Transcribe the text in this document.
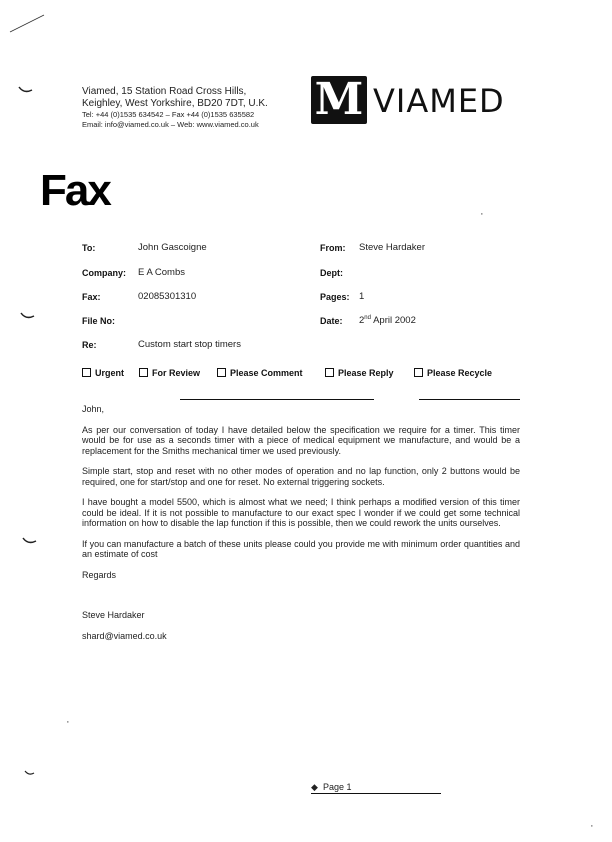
Viamed, 15 Station Road Cross Hills,
Keighley, West Yorkshire, BD20 7DT, U.K.
Tel: +44 (0)1535 634542 – Fax +44 (0)1535 635582
Email: info@viamed.co.uk – Web: www.viamed.co.uk M VIAMED
Fax
To:	John Gascoigne	From: Steve Hardaker
Company: E A Combs	Dept:
Fax:	02085301310	Pages: 1
File No:	Date: 2nd April 2002
Re:	Custom start stop timers
Urgent	For Review	Please Comment	Please Reply	Please Recycle

John,

As per our conversation of today I have detailed below the specification we require for a timer. This timer would be for use as a seconds timer with a piece of medical equipment we manufacture, and would be a replacement for the Smiths mechanical timer we used previously.

Simple start, stop and reset with no other modes of operation and no lap function, only 2 buttons would be required, one for start/stop and one for reset. No external triggering sockets.

I have bought a model 5500, which is almost what we need; I think perhaps a modified version of this timer could be ideal. If it is not possible to manufacture to our exact spec I wonder if we could get some technical information on how to disable the lap function if this is possible, then we could rework the units ourselves.

If you can manufacture a batch of these units please could you provide me with minimum order quantities and an estimate of cost

Regards

Steve Hardaker

shard@viamed.co.uk

·
·
·
◆ Page 1
